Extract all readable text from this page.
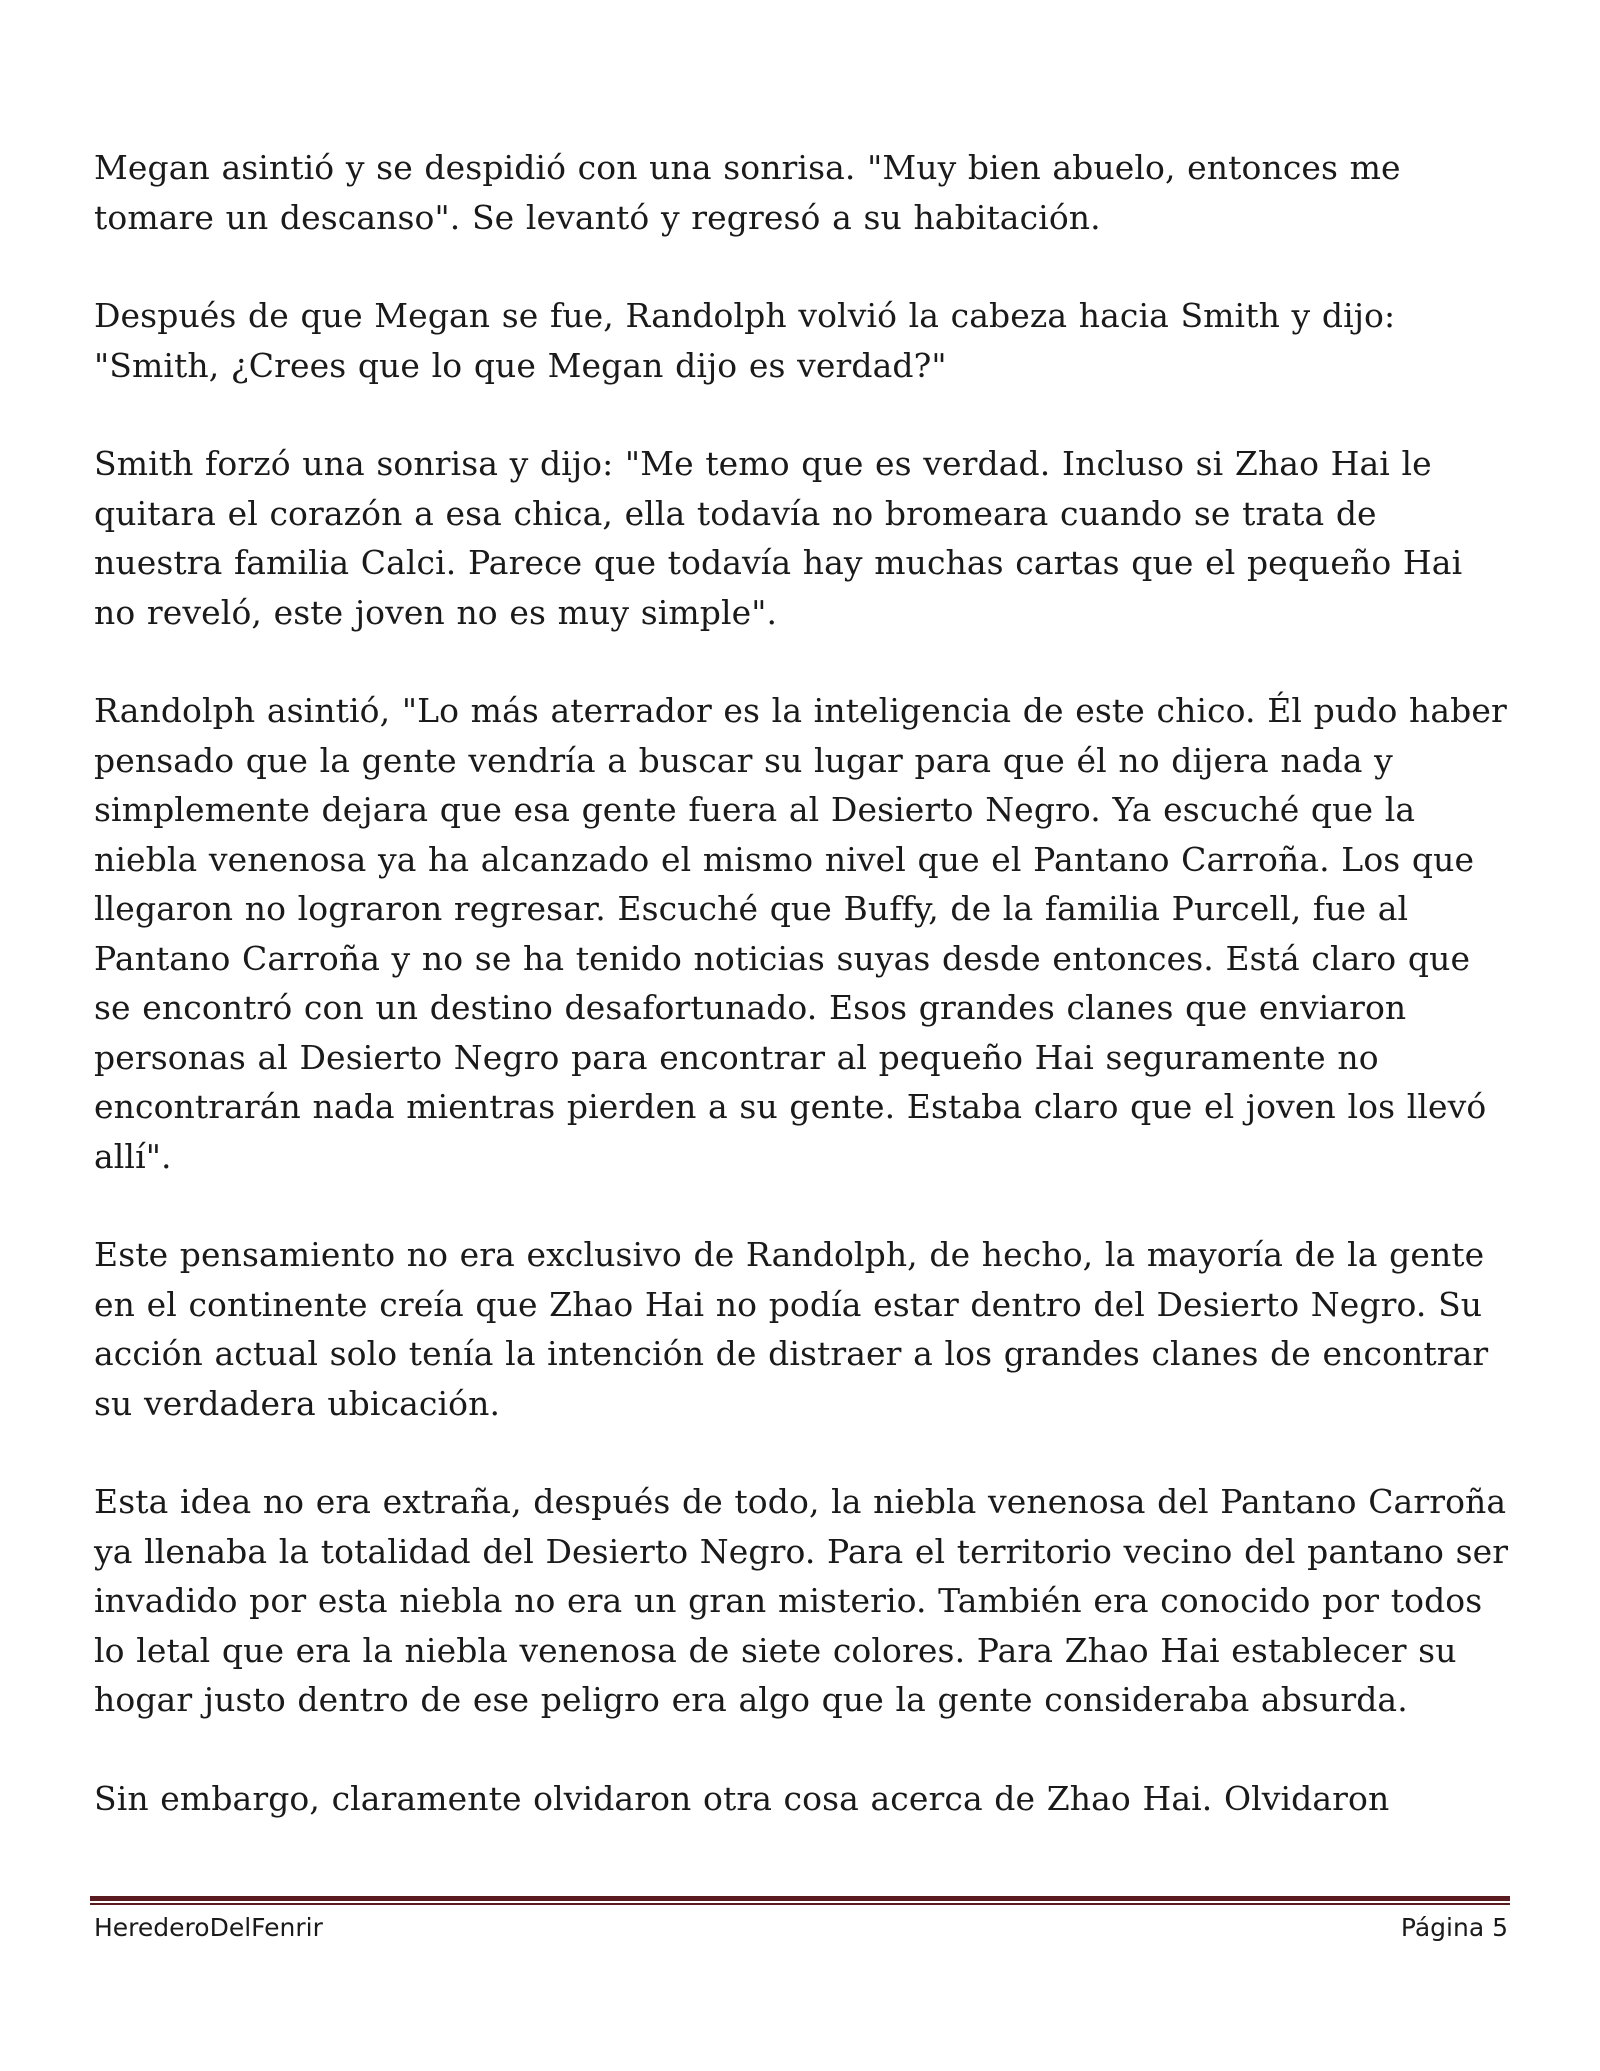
Megan asintió y se despidió con una sonrisa. "Muy bien abuelo, entonces me tomare un descanso". Se levantó y regresó a su habitación.

Después de que Megan se fue, Randolph volvió la cabeza hacia Smith y dijo: "Smith, ¿Crees que lo que Megan dijo es verdad?"

Smith forzó una sonrisa y dijo: "Me temo que es verdad. Incluso si Zhao Hai le quitara el corazón a esa chica, ella todavía no bromeara cuando se trata de nuestra familia Calci. Parece que todavía hay muchas cartas que el pequeño Hai no reveló, este joven no es muy simple".

Randolph asintió, "Lo más aterrador es la inteligencia de este chico. Él pudo haber pensado que la gente vendría a buscar su lugar para que él no dijera nada y simplemente dejara que esa gente fuera al Desierto Negro. Ya escuché que la niebla venenosa ya ha alcanzado el mismo nivel que el Pantano Carroña. Los que llegaron no lograron regresar. Escuché que Buffy, de la familia Purcell, fue al Pantano Carroña y no se ha tenido noticias suyas desde entonces. Está claro que se encontró con un destino desafortunado. Esos grandes clanes que enviaron personas al Desierto Negro para encontrar al pequeño Hai seguramente no encontrarán nada mientras pierden a su gente. Estaba claro que el joven los llevó allí".

Este pensamiento no era exclusivo de Randolph, de hecho, la mayoría de la gente en el continente creía que Zhao Hai no podía estar dentro del Desierto Negro. Su acción actual solo tenía la intención de distraer a los grandes clanes de encontrar su verdadera ubicación.

Esta idea no era extraña, después de todo, la niebla venenosa del Pantano Carroña ya llenaba la totalidad del Desierto Negro. Para el territorio vecino del pantano ser invadido por esta niebla no era un gran misterio. También era conocido por todos lo letal que era la niebla venenosa de siete colores. Para Zhao Hai establecer su hogar justo dentro de ese peligro era algo que la gente consideraba absurda.

Sin embargo, claramente olvidaron otra cosa acerca de Zhao Hai. Olvidaron

HerederoDelFenrir	Página 5
